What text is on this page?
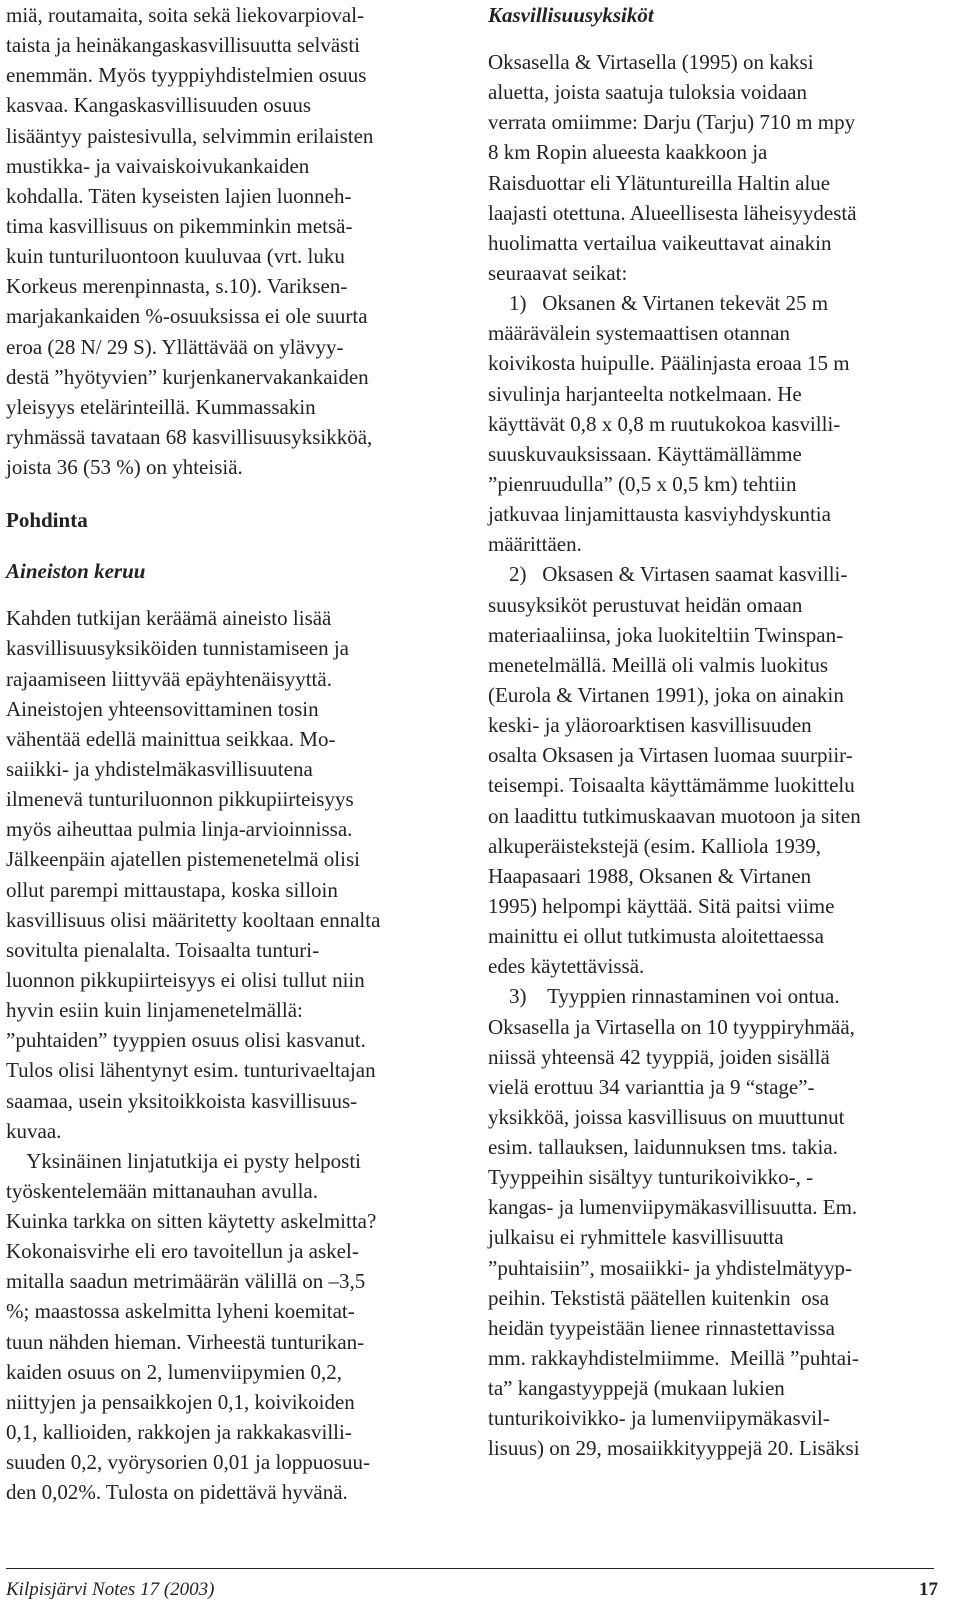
miä, routamaita, soita sekä liekovarpioval-
taista ja heinäkangaskasvillisuutta selvästi
enemmän. Myös tyyppiyhdistelmien osuus
kasvaa. Kangaskasvillisuuden osuus
lisääntyy paistesivulla, selvimmin erilaisten
mustikka- ja vaivaiskoivukankaiden
kohdalla. Täten kyseisten lajien luonneh-
tima kasvillisuus on pikemminkin metsä-
kuin tunturiluontoon kuuluvaa (vrt. luku
Korkeus merenpinnasta, s.10). Variksen-
marjakankaiden %-osuuksissa ei ole suurta
eroa (28 N/ 29 S). Yllättävää on ylävyy-
destä ”hyötyvien” kurjenkanervakankaiden
yleisyys etelärinteillä. Kummassakin
ryhmässä tavataan 68 kasvillisuusyksikköä,
joista 36 (53 %) on yhteisiä.
Pohdinta
Aineiston keruu
Kahden tutkijan keräämä aineisto lisää
kasvillisuusyksiköiden tunnistamiseen ja
rajaamiseen liittyvää epäyhtenäisyyttä.
Aineistojen yhteensovittaminen tosin
vähentää edellä mainittua seikkaa. Mo-
saiikki- ja yhdistelmäkasvillisuutena
ilmenevä tunturiluonnon pikkupiirteisyys
myös aiheuttaa pulmia linja-arvioinnissa.
Jälkeenpäin ajatellen pistemenetelmä olisi
ollut parempi mittaustapa, koska silloin
kasvillisuus olisi määritetty kooltaan ennalta
sovitulta pienalalta. Toisaalta tunturi-
luonnon pikkupiirteisyys ei olisi tullut niin
hyvin esiin kuin linjamenetelmällä:
”puhtaiden” tyyppien osuus olisi kasvanut.
Tulos olisi lähentynyt esim. tunturivaeltajan
saamaa, usein yksitoikkoista kasvillisuus-
kuvaa.
Yksinäinen linjatutkija ei pysty helposti
työskentelemään mittanauhan avulla.
Kuinka tarkka on sitten käytetty askelmitta?
Kokonaisvirhe eli ero tavoitellun ja askel-
mitalla saadun metrimäärän välillä on –3,5
%; maastossa askelmitta lyheni koemitat-
tuun nähden hieman. Virheestä tunturikan-
kaiden osuus on 2, lumenviipymien 0,2,
niittyjen ja pensaikkojen 0,1, koivikoiden
0,1, kallioiden, rakkojen ja rakkakasvilli-
suuden 0,2, vyörysorien 0,01 ja loppuosuu-
den 0,02%. Tulosta on pidettävä hyvänä.
Kasvillisuusyksiköt
Oksasella & Virtasella (1995) on kaksi
aluetta, joista saatuja tuloksia voidaan
verrata omiimme: Darju (Tarju) 710 m mpy
8 km Ropin alueesta kaakkoon ja
Raisduottar eli Ylätuntureilla Haltin alue
laajasti otettuna. Alueellisesta läheisyydestä
huolimatta vertailua vaikeuttavat ainakin
seuraavat seikat:
1)   Oksanen & Virtanen tekevät 25 m
määrävälein systemaattisen otannan
koivikosta huipulle. Päälinjasta eroaa 15 m
sivulinja harjanteelta notkelmaan. He
käyttävät 0,8 x 0,8 m ruutukokoa kasvilli-
suuskuvauksissaan. Käyttämällämme
”pienruudulla” (0,5 x 0,5 km) tehtiin
jatkuvaa linjamittausta kasviyhdyskuntia
määrittäen.
2)   Oksasen & Virtasen saamat kasvilli-
suusyksiköt perustuvat heidän omaan
materiaaliinsa, joka luokiteltiin Twinspan-
menetelmällä. Meillä oli valmis luokitus
(Eurola & Virtanen 1991), joka on ainakin
keski- ja yläoroarktisen kasvillisuuden
osalta Oksasen ja Virtasen luomaa suurpiir-
teisempi. Toisaalta käyttämämme luokittelu
on laadittu tutkimuskaavan muotoon ja siten
alkuperäistekstejä (esim. Kalliola 1939,
Haapasaari 1988, Oksanen & Virtanen
1995) helpompi käyttää. Sitä paitsi viime
mainittu ei ollut tutkimusta aloitettaessa
edes käytettävissä.
3)    Tyyppien rinnastaminen voi ontua.
Oksasella ja Virtasella on 10 tyyppiryhmää,
niissä yhteensä 42 tyyppiä, joiden sisällä
vielä erottuu 34 varianttia ja 9 “stage”-
yksikköä, joissa kasvillisuus on muuttunut
esim. tallauksen, laidunnuksen tms. takia.
Tyyppeihin sisältyy tunturikoivikko-, -
kangas- ja lumenviipymäkasvillisuutta. Em.
julkaisu ei ryhmittele kasvillisuutta
”puhtaisiin”, mosaiikki- ja yhdistelmätyyp-
peihin. Tekstistä päätellen kuitenkin  osa
heidän tyypeistään lienee rinnastettavissa
mm. rakkayhdistelmiimme.  Meillä ”puhtai-
ta” kangastyyppejä (mukaan lukien
tunturikoivikko- ja lumenviipymäkasvil-
lisuus) on 29, mosaiikkityyppejä 20. Lisäksi
Kilpisjärvi Notes 17 (2003)	17
